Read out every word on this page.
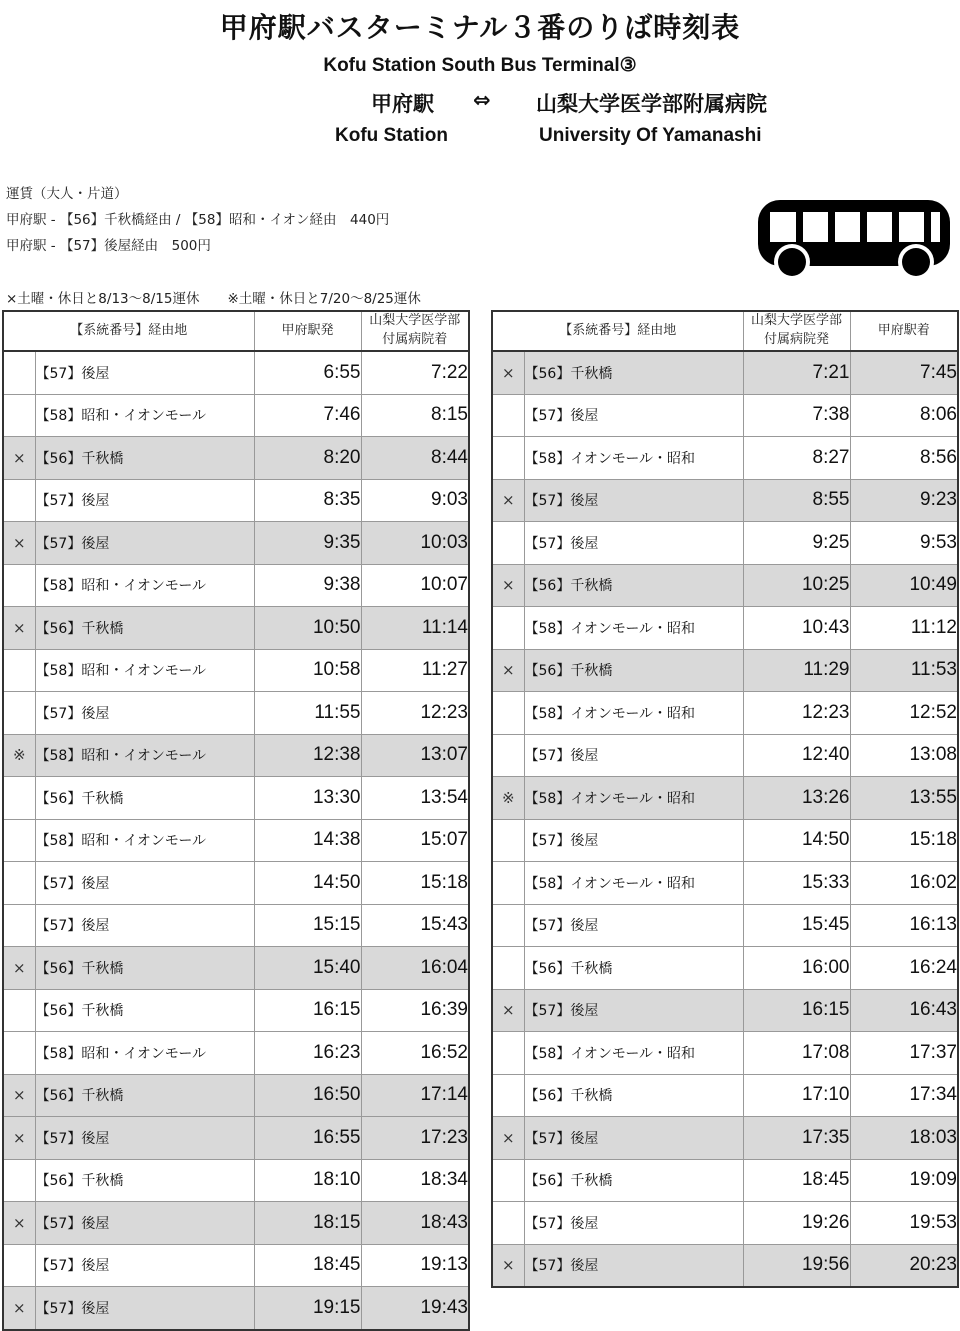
甲府駅バスターミナル３番のりば時刻表
Kofu Station South Bus Terminal③
甲府駅 ⇔ 山梨大学医学部附属病院
Kofu Station	University Of Yamanashi
運賃（大人・片道）
甲府駅 - 【56】千秋橋経由 / 【58】昭和・イオン経由　440円
甲府駅 - 【57】後屋経由　500円
×土曜・休日と8/13〜8/15運休 ※土曜・休日と7/20〜8/25運休
【系統番号】経由地		甲府駅発	山梨大学医学部
付属病院着
	【57】後屋	6:55	7:22
	【58】昭和・イオンモール	7:46	8:15
×	【56】千秋橋	8:20	8:44
	【57】後屋	8:35	9:03
×	【57】後屋	9:35	10:03
	【58】昭和・イオンモール	9:38	10:07
×	【56】千秋橋	10:50	11:14
	【58】昭和・イオンモール	10:58	11:27
	【57】後屋	11:55	12:23
※	【58】昭和・イオンモール	12:38	13:07
	【56】千秋橋	13:30	13:54
	【58】昭和・イオンモール	14:38	15:07
	【57】後屋	14:50	15:18
	【57】後屋	15:15	15:43
×	【56】千秋橋	15:40	16:04
	【56】千秋橋	16:15	16:39
	【58】昭和・イオンモール	16:23	16:52
×	【56】千秋橋	16:50	17:14
×	【57】後屋	16:55	17:23
	【56】千秋橋	18:10	18:34
×	【57】後屋	18:15	18:43
	【57】後屋	18:45	19:13
×	【57】後屋	19:15	19:43
【系統番号】経由地		山梨大学医学部
付属病院発	甲府駅着
×	【56】千秋橋	7:21	7:45
	【57】後屋	7:38	8:06
	【58】イオンモール・昭和	8:27	8:56
×	【57】後屋	8:55	9:23
	【57】後屋	9:25	9:53
×	【56】千秋橋	10:25	10:49
	【58】イオンモール・昭和	10:43	11:12
×	【56】千秋橋	11:29	11:53
	【58】イオンモール・昭和	12:23	12:52
	【57】後屋	12:40	13:08
※	【58】イオンモール・昭和	13:26	13:55
	【57】後屋	14:50	15:18
	【58】イオンモール・昭和	15:33	16:02
	【57】後屋	15:45	16:13
	【56】千秋橋	16:00	16:24
×	【57】後屋	16:15	16:43
	【58】イオンモール・昭和	17:08	17:37
	【56】千秋橋	17:10	17:34
×	【57】後屋	17:35	18:03
	【56】千秋橋	18:45	19:09
	【57】後屋	19:26	19:53
×	【57】後屋	19:56	20:23
